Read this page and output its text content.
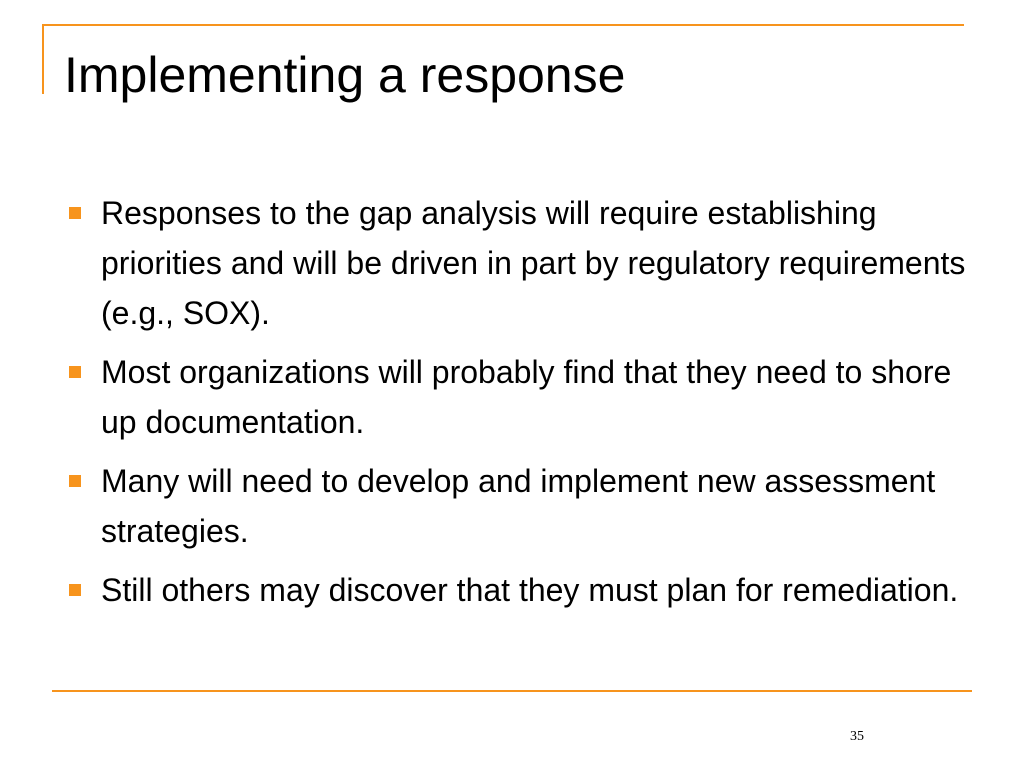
Implementing a response
Responses to the gap analysis will require establishing priorities and will be driven in part by regulatory requirements (e.g., SOX).
Most organizations will probably find that they need to shore up documentation.
Many will need to develop and implement new assessment strategies.
Still others may discover that they must plan for remediation.
35
